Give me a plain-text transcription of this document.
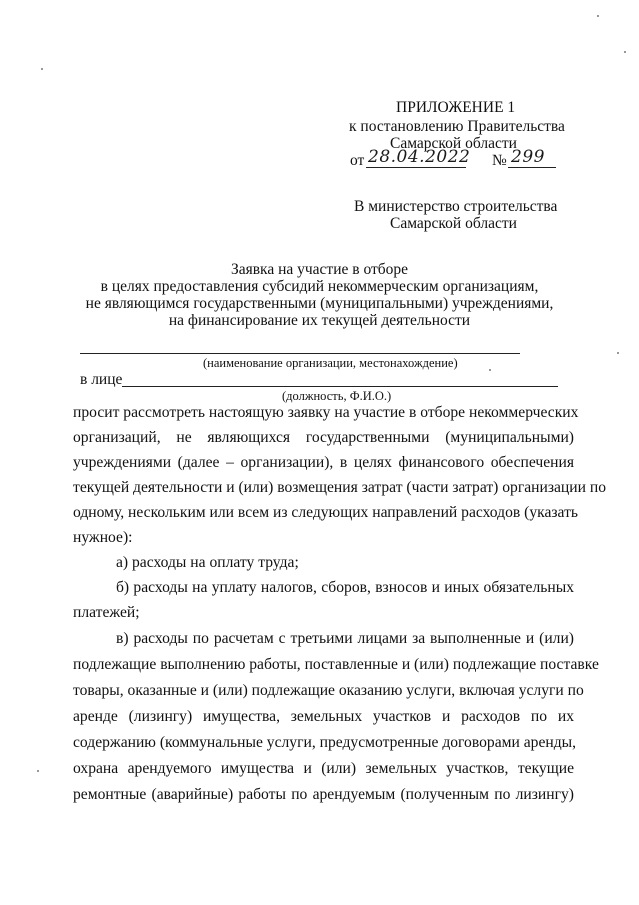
ПРИЛОЖЕНИЕ 1
к постановлению Правительства
Самарской области
от 28.04.2022 № 299
В министерство строительства
Самарской области
Заявка на участие в отборе
в целях предоставления субсидий некоммерческим организациям,
не являющимся государственными (муниципальными) учреждениями,
на финансирование их текущей деятельности
(наименование организации, местонахождение)
в лице
(должность, Ф.И.О.)
просит рассмотреть настоящую заявку на участие в отборе некоммерческих
организаций, не являющихся государственными (муниципальными)
учреждениями (далее – организации), в целях финансового обеспечения
текущей деятельности и (или) возмещения затрат (части затрат) организации по
одному, нескольким или всем из следующих направлений расходов (указать
нужное):
а) расходы на оплату труда;
б) расходы на уплату налогов, сборов, взносов и иных обязательных
платежей;
в) расходы по расчетам с третьими лицами за выполненные и (или)
подлежащие выполнению работы, поставленные и (или) подлежащие поставке
товары, оказанные и (или) подлежащие оказанию услуги, включая услуги по
аренде (лизингу) имущества, земельных участков и расходов по их
содержанию (коммунальные услуги, предусмотренные договорами аренды,
охрана арендуемого имущества и (или) земельных участков, текущие
ремонтные (аварийные) работы по арендуемым (полученным по лизингу)
